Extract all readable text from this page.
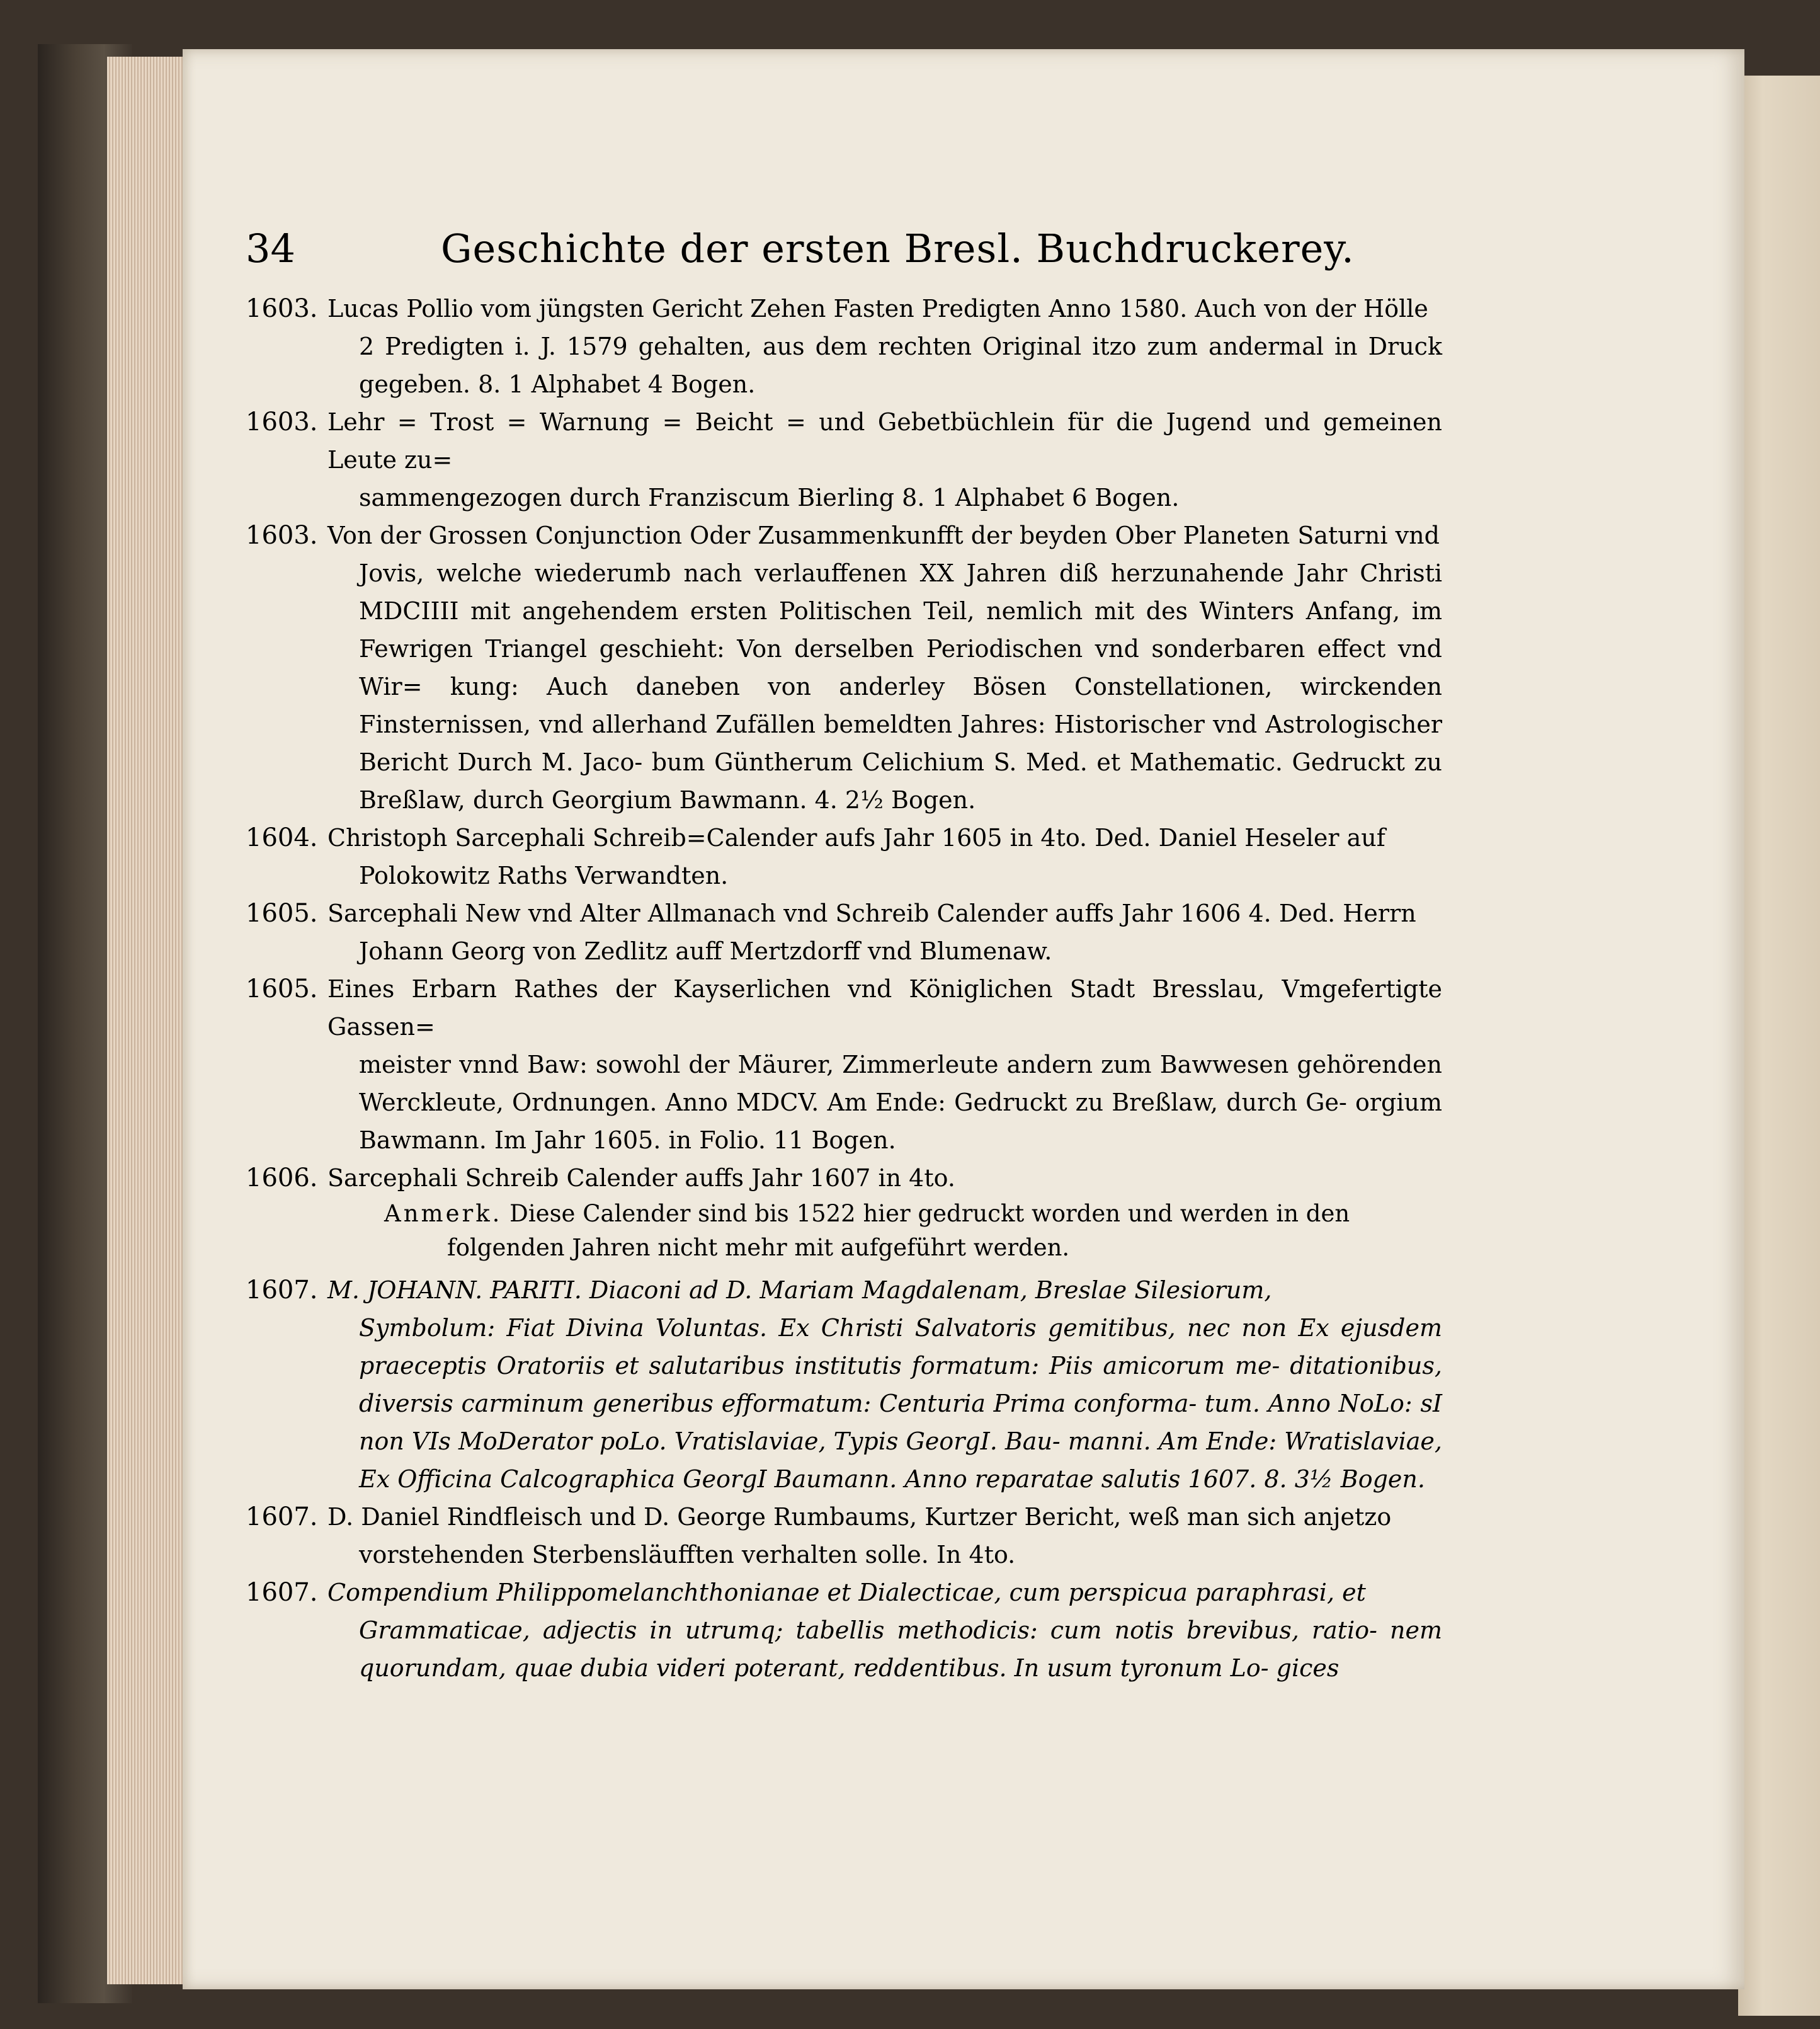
34	Geschichte der ersten Bresl. Buchdruckerey.
1603. Lucas Pollio vom jüngsten Gericht Zehen Fasten Predigten Anno 1580. Auch von der Hölle
2 Predigten i. J. 1579 gehalten, aus dem rechten Original itzo zum andermal in Druck gegeben. 8. 1 Alphabet 4 Bogen.
1603. Lehr = Trost = Warnung = Beicht = und Gebetbüchlein für die Jugend und gemeinen Leute zu=
sammengezogen durch Franziscum Bierling 8. 1 Alphabet 6 Bogen.
1603. Von der Grossen Conjunction Oder Zusammenkunfft der beyden Ober Planeten Saturni vnd
Jovis, welche wiederumb nach verlauffenen XX Jahren diß herzunahende Jahr Christi MDCIIII mit angehendem ersten Politischen Teil, nemlich mit des Winters Anfang, im Fewrigen Triangel geschieht: Von derselben Periodischen vnd sonderbaren effect vnd Wir= kung: Auch daneben von anderley Bösen Constellationen, wirckenden Finsternissen, vnd allerhand Zufällen bemeldten Jahres: Historischer vnd Astrologischer Bericht Durch M. Jaco- bum Güntherum Celichium S. Med. et Mathematic. Gedruckt zu Breßlaw, durch Georgium Bawmann. 4. 2½ Bogen.
1604. Christoph Sarcephali Schreib=Calender aufs Jahr 1605 in 4to. Ded. Daniel Heseler auf
Polokowitz Raths Verwandten.
1605. Sarcephali New vnd Alter Allmanach vnd Schreib Calender auffs Jahr 1606 4. Ded. Herrn
Johann Georg von Zedlitz auff Mertzdorff vnd Blumenaw.
1605. Eines Erbarn Rathes der Kayserlichen vnd Königlichen Stadt Bresslau, Vmgefertigte Gassen=
meister vnnd Baw: sowohl der Mäurer, Zimmerleute andern zum Bawwesen gehörenden Werckleute, Ordnungen. Anno MDCV. Am Ende: Gedruckt zu Breßlaw, durch Ge- orgium Bawmann. Im Jahr 1605. in Folio. 11 Bogen.
1606. Sarcephali Schreib Calender auffs Jahr 1607 in 4to.
Anmerk. Diese Calender sind bis 1522 hier gedruckt worden und werden in den
folgenden Jahren nicht mehr mit aufgeführt werden.
1607. M. JOHANN. PARITI. Diaconi ad D. Mariam Magdalenam, Breslae Silesiorum,
Symbolum: Fiat Divina Voluntas. Ex Christi Salvatoris gemitibus, nec non Ex ejusdem praeceptis Oratoriis et salutaribus institutis formatum: Piis amicorum me- ditationibus, diversis carminum generibus efformatum: Centuria Prima conforma- tum. Anno NoLo: sI non VIs MoDerator poLo. Vratislaviae, Typis GeorgI. Bau- manni. Am Ende: Wratislaviae, Ex Officina Calcographica GeorgI Baumann. Anno reparatae salutis 1607. 8. 3½ Bogen.
1607. D. Daniel Rindfleisch und D. George Rumbaums, Kurtzer Bericht, weß man sich anjetzo
vorstehenden Sterbensläufften verhalten solle. In 4to.
1607. Compendium Philippomelanchthonianae et Dialecticae, cum perspicua paraphrasi, et
Grammaticae, adjectis in utrumq; tabellis methodicis: cum notis brevibus, ratio- nem quorundam, quae dubia videri poterant, reddentibus. In usum tyronum Lo- gices
